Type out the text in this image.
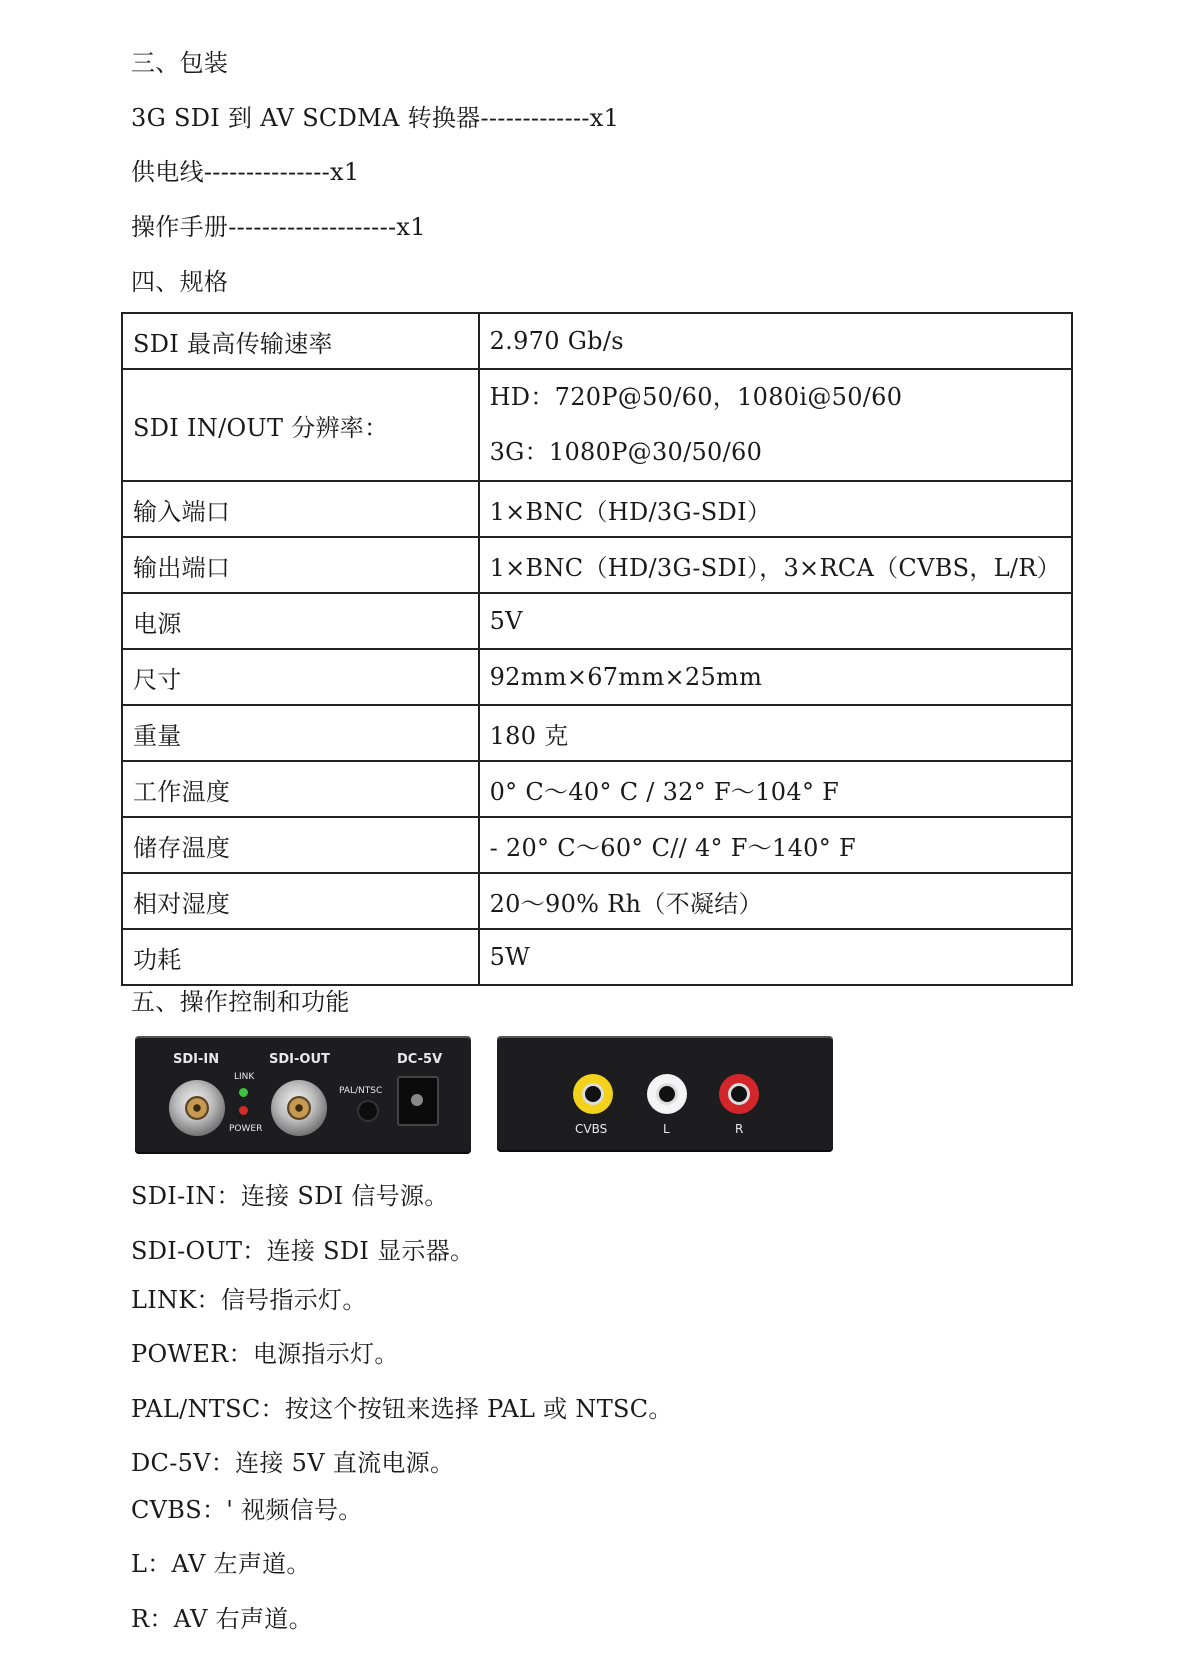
三、包装
3G SDI 到 AV SCDMA 转换器-------------x1
供电线---------------x1
操作手册--------------------x1
四、规格
SDI 最高传输速率	2.970 Gb/s
SDI IN/OUT 分辨率：	HD：720P@50/60，1080i@50/60
3G：1080P@30/50/60

输入端口	1×BNC（HD/3G-SDI）
输出端口	1×BNC（HD/3G-SDI），3×RCA（CVBS，L/R）
电源	5V
尺寸	92mm×67mm×25mm
重量	180 克
工作温度	0° C～40° C / 32° F～104° F
储存温度	- 20° C～60° C// 4° F～140° F
相对湿度	20～90% Rh（不凝结）
功耗	5W
五、操作控制和功能
SDI-IN	SDI-OUT	DC-5V
LINK
POWER
PAL/NTSC
CVBS	L	R
SDI-IN：连接 SDI 信号源。
SDI-OUT：连接 SDI 显示器。
LINK：信号指示灯。
POWER：电源指示灯。
PAL/NTSC：按这个按钮来选择 PAL 或 NTSC。
DC-5V：连接 5V 直流电源。
CVBS：' 视频信号。
L：AV 左声道。
R：AV 右声道。
